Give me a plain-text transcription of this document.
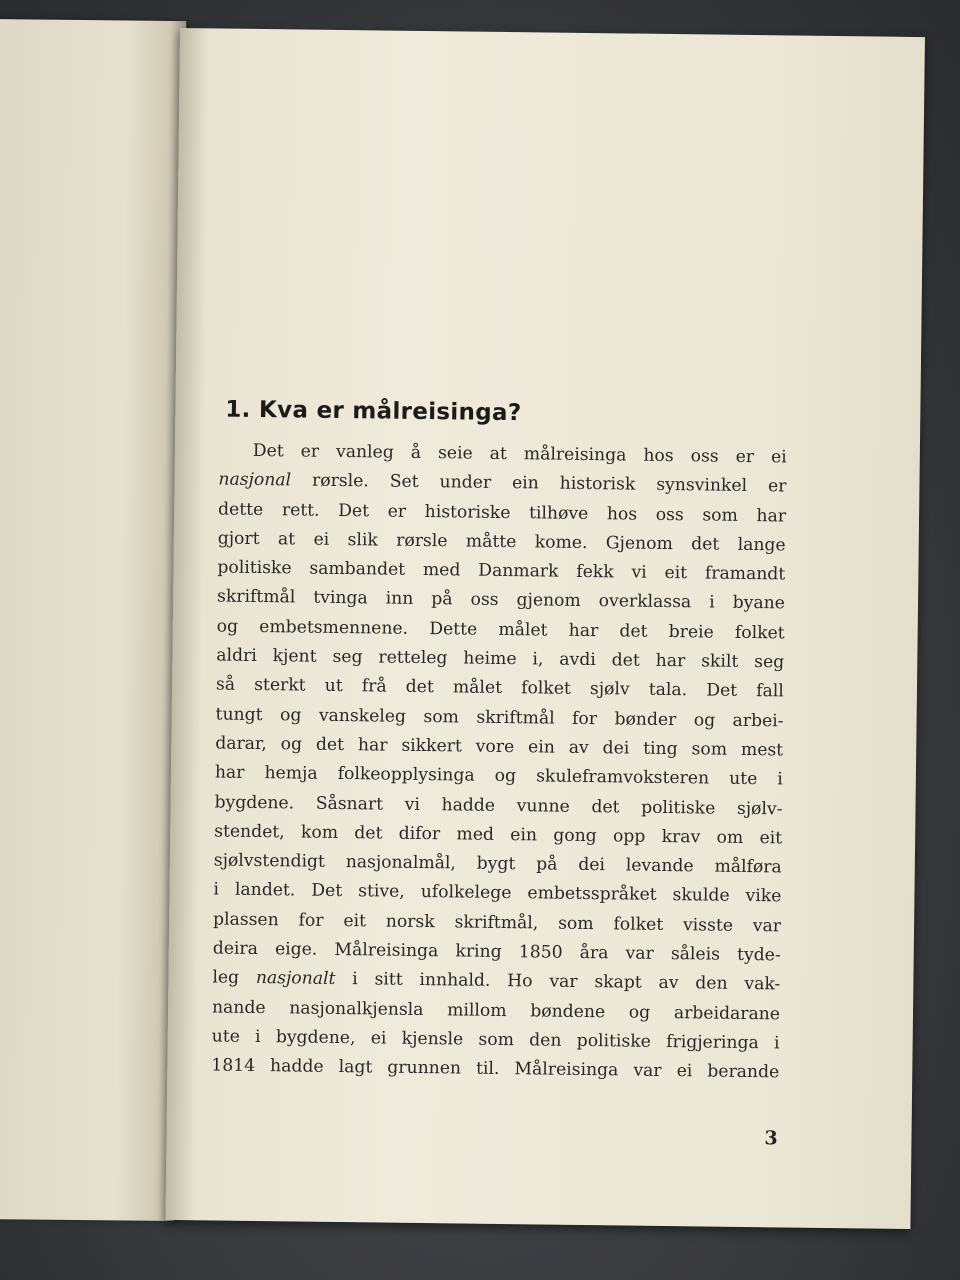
1. Kva er målreisinga?
Det er vanleg å seie at målreisinga hos oss er ei
nasjonal rørsle. Set under ein historisk synsvinkel er
dette rett. Det er historiske tilhøve hos oss som har
gjort at ei slik rørsle måtte kome. Gjenom det lange
politiske sambandet med Danmark fekk vi eit framandt
skriftmål tvinga inn på oss gjenom overklassa i byane
og embetsmennene. Dette målet har det breie folket
aldri kjent seg retteleg heime i, avdi det har skilt seg
så sterkt ut frå det målet folket sjølv tala. Det fall
tungt og vanskeleg som skriftmål for bønder og arbei-
darar, og det har sikkert vore ein av dei ting som mest
har hemja folkeopplysinga og skuleframvoksteren ute i
bygdene. Såsnart vi hadde vunne det politiske sjølv-
stendet, kom det difor med ein gong opp krav om eit
sjølvstendigt nasjonalmål, bygt på dei levande målføra
i landet. Det stive, ufolkelege embetsspråket skulde vike
plassen for eit norsk skriftmål, som folket visste var
deira eige. Målreisinga kring 1850 åra var såleis tyde-
leg nasjonalt i sitt innhald. Ho var skapt av den vak-
nande nasjonalkjensla millom bøndene og arbeidarane
ute i bygdene, ei kjensle som den politiske frigjeringa i
1814 hadde lagt grunnen til. Målreisinga var ei berande
3
